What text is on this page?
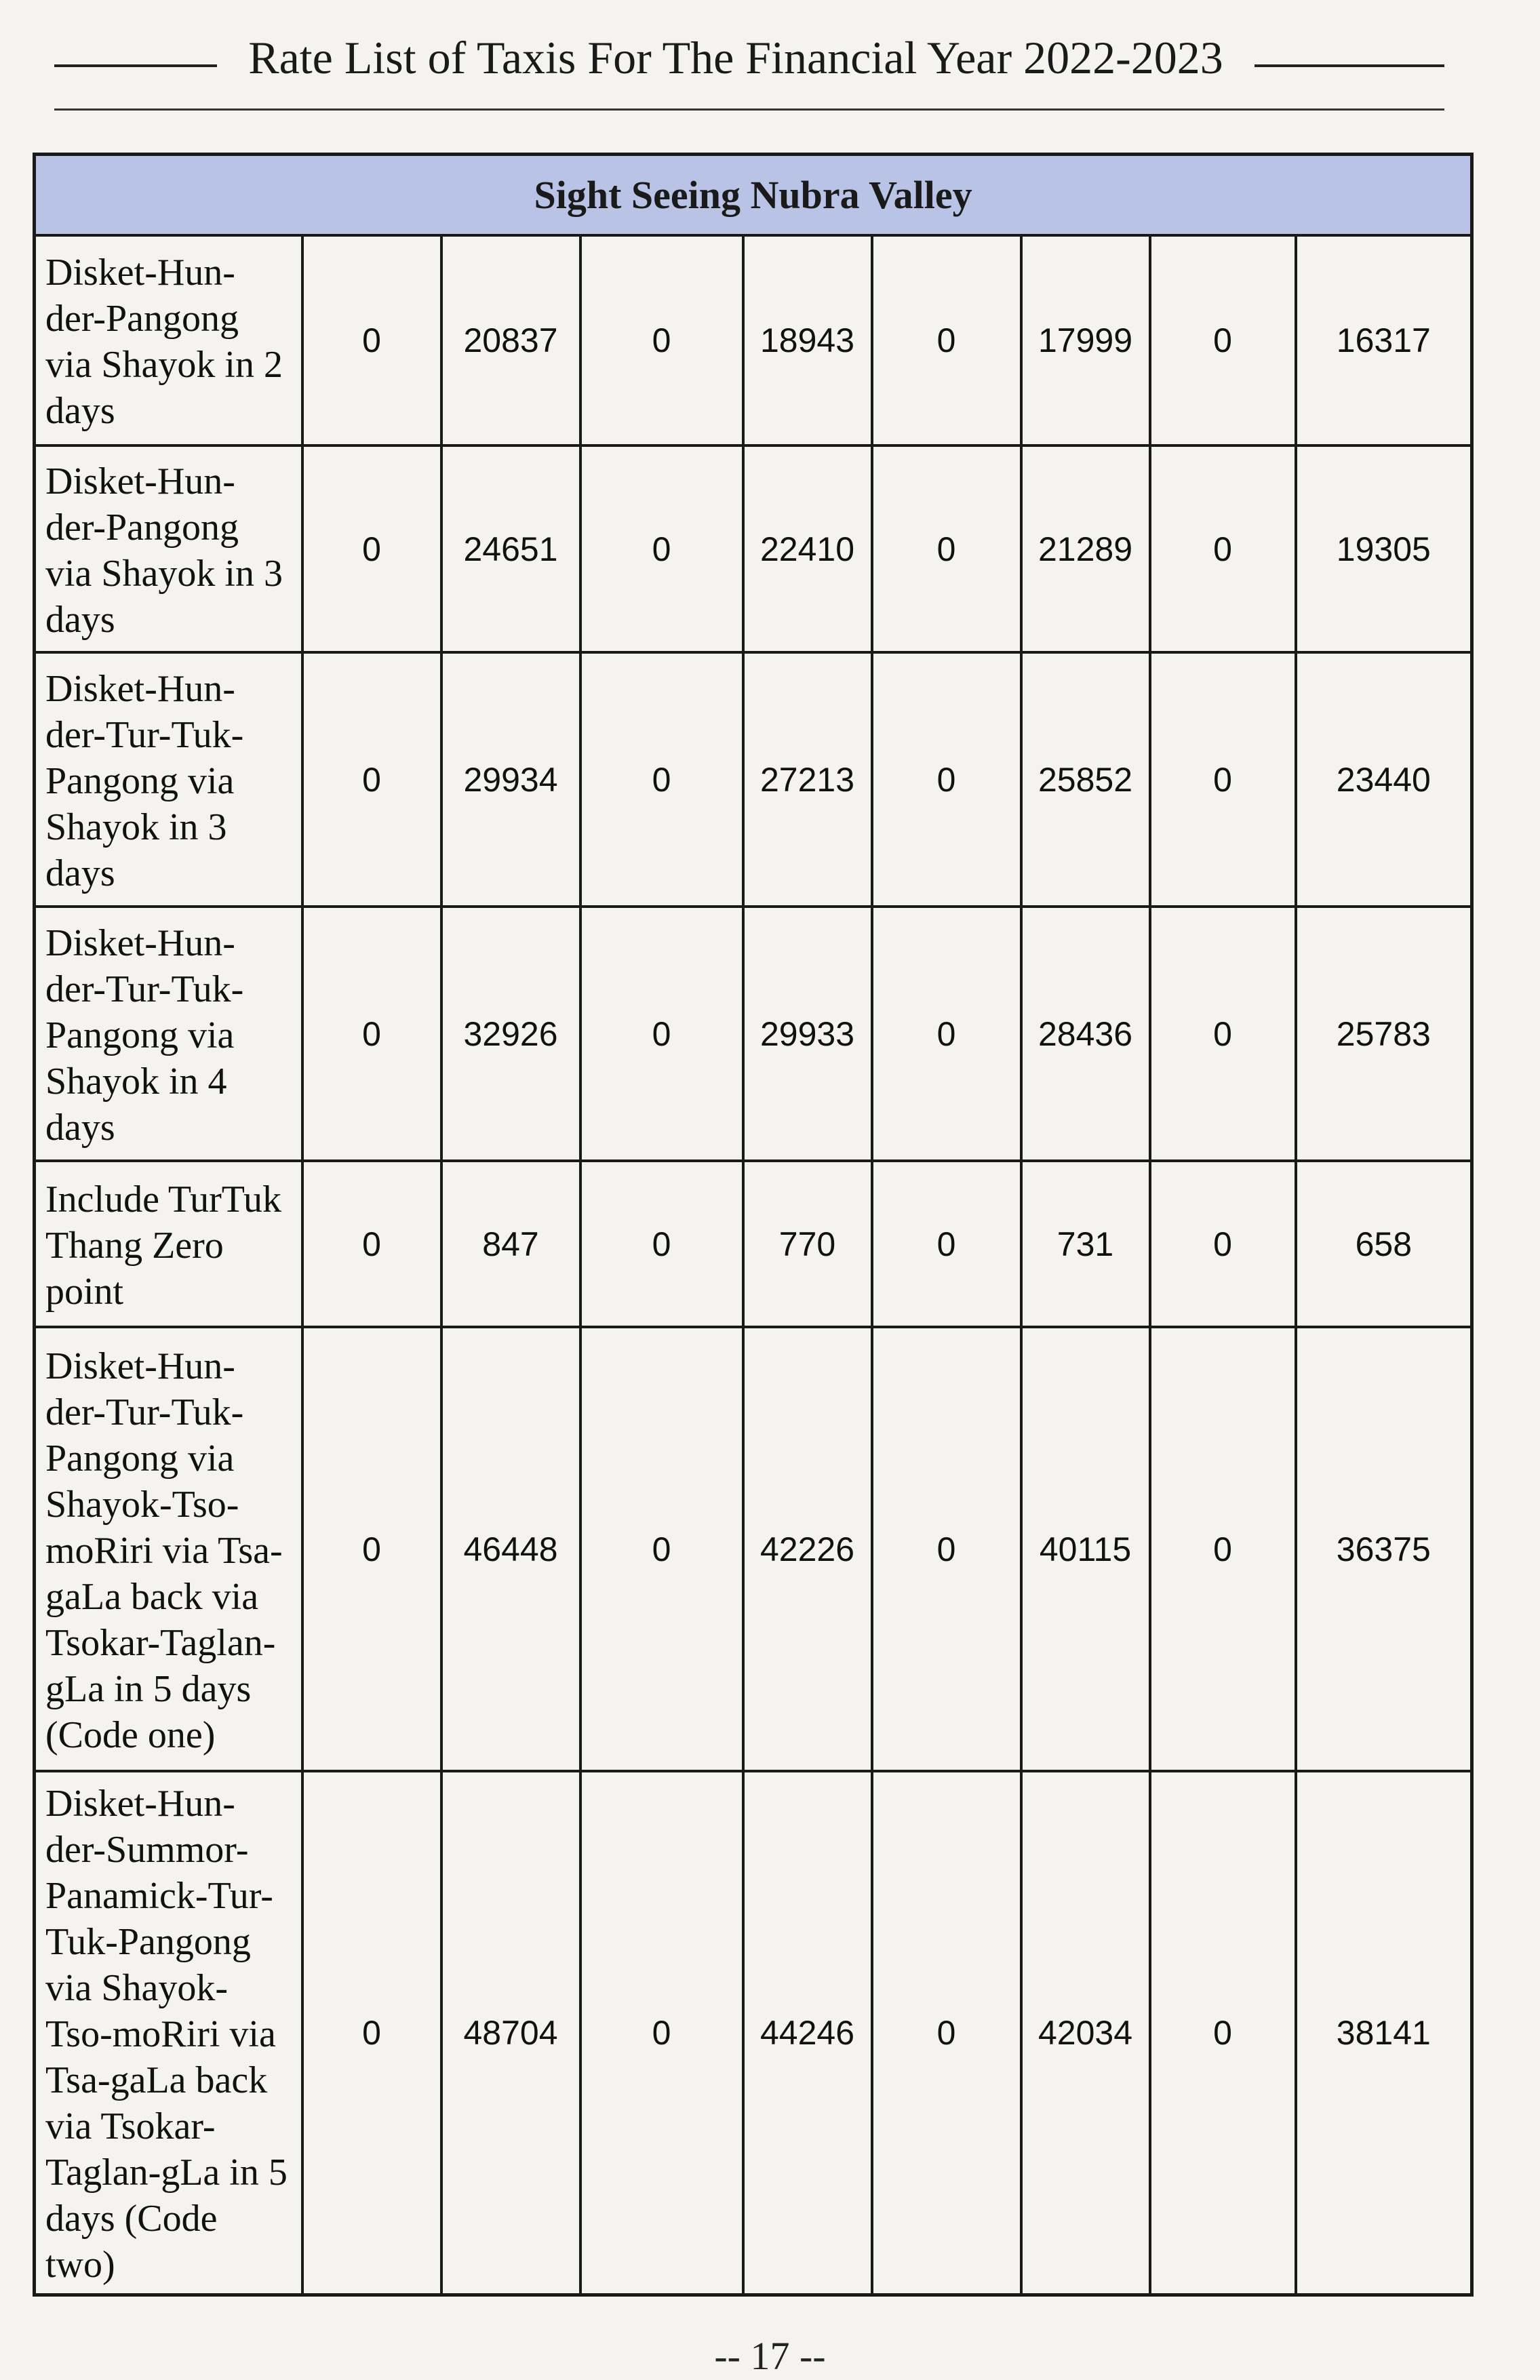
Rate List of Taxis For The Financial Year 2022-2023
Sight Seeing Nubra Valley								
Disket-Hun-der-Pangong via Shayok in 2 days	0	20837	0	18943	0	17999	0	16317
Disket-Hun-der-Pangong via Shayok in 3 days	0	24651	0	22410	0	21289	0	19305
Disket-Hun-der-Tur-Tuk-Pangong via Shayok in 3 days	0	29934	0	27213	0	25852	0	23440
Disket-Hun-der-Tur-Tuk-Pangong via Shayok in 4 days	0	32926	0	29933	0	28436	0	25783
Include TurTuk Thang Zero point	0	847	0	770	0	731	0	658
Disket-Hun-der-Tur-Tuk-Pangong via Shayok-Tso-moRiri via Tsa-gaLa back via Tsokar-Taglan-gLa in 5 days (Code one)	0	46448	0	42226	0	40115	0	36375
Disket-Hun-der-Summor-Panamick-Tur-Tuk-Pangong via Shayok-Tso-moRiri via Tsa-gaLa back via Tsokar-Taglan-gLa in 5 days (Code two)	0	48704	0	44246	0	42034	0	38141
-- 17 --
